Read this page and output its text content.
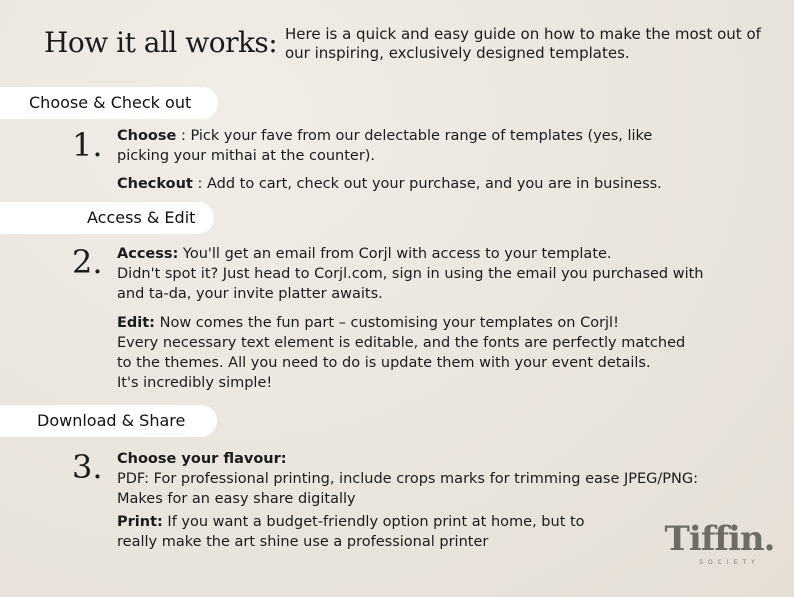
How it all works: Here is a quick and easy guide on how to make the most out of our inspiring, exclusively designed templates.
Choose & Check out
1. Choose : Pick your fave from our delectable range of templates (yes, like
picking your mithai at the counter).
Checkout : Add to cart, check out your purchase, and you are in business.
Access & Edit
2. Access: You'll get an email from Corjl with access to your template.
Didn't spot it? Just head to Corjl.com, sign in using the email you purchased with
and ta-da, your invite platter awaits.
Edit: Now comes the fun part – customising your templates on Corjl!
Every necessary text element is editable, and the fonts are perfectly matched
to the themes. All you need to do is update them with your event details.
It's incredibly simple!
Download & Share
3. Choose your flavour:
PDF: For professional printing, include crops marks for trimming ease JPEG/PNG:
Makes for an easy share digitally
Print: If you want a budget-friendly option print at home, but to
really make the art shine use a professional printer	Tiffin.
SOCIETY
